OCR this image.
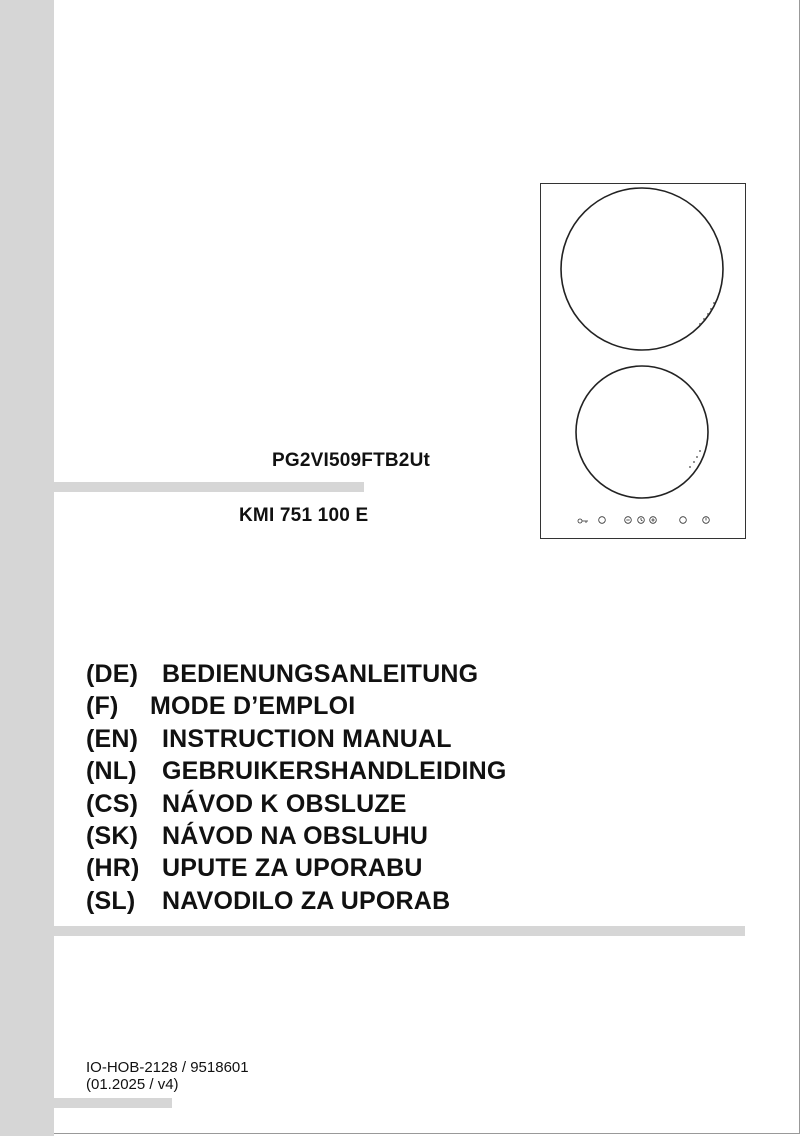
PG2VI509FTB2Ut
KMI 751 100 E
(DE) BEDIENUNGSANLEITUNG
(F) MODE D’EMPLOI
(EN) INSTRUCTION MANUAL
(NL) GEBRUIKERSHANDLEIDING
(CS) NÁVOD K OBSLUZE
(SK) NÁVOD NA OBSLUHU
(HR) UPUTE ZA UPORABU
(SL) NAVODILO ZA UPORAB
IO-HOB-2128 / 9518601
(01.2025 / v4)
